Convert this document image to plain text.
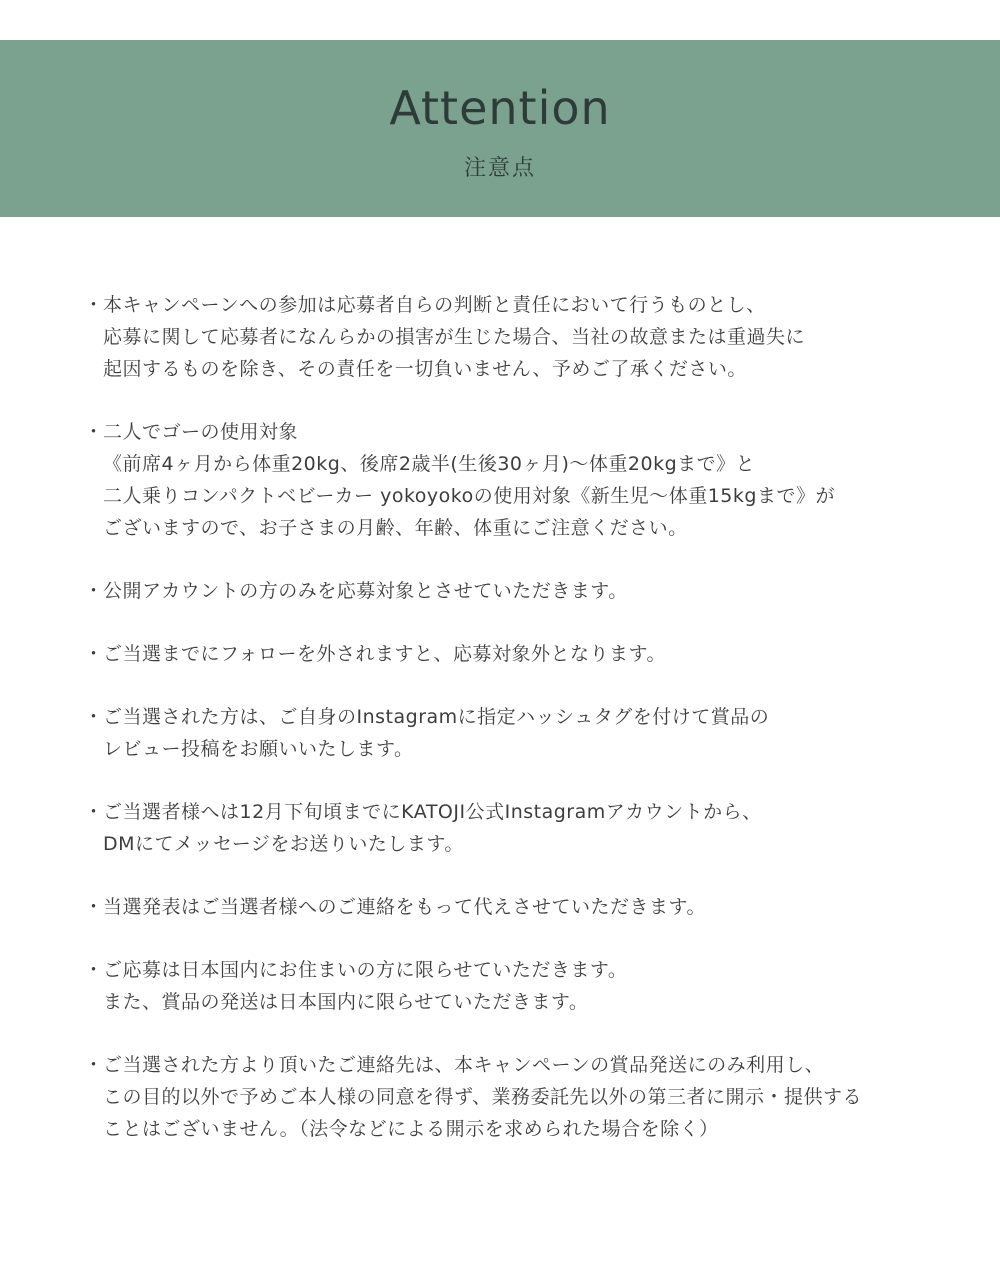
Attention
注意点
・ 本キャンペーンへの参加は応募者自らの判断と責任において行うものとし、
応募に関して応募者になんらかの損害が生じた場合、当社の故意または重過失に
起因するものを除き、その責任を一切負いません、予めご了承ください。
・ 二人でゴーの使用対象
《前席4ヶ月から体重20kg、後席2歳半(生後30ヶ月)〜体重20kgまで》と
二人乗りコンパクトベビーカー yokoyokoの使用対象《新生児〜体重15kgまで》が
ございますので、お子さまの月齢、年齢、体重にご注意ください。
・ 公開アカウントの方のみを応募対象とさせていただきます。
・ ご当選までにフォローを外されますと、応募対象外となります。
・ ご当選された方は、ご自身のInstagramに指定ハッシュタグを付けて賞品の
レビュー投稿をお願いいたします。
・ ご当選者様へは12月下旬頃までにKATOJI公式Instagramアカウントから、
DMにてメッセージをお送りいたします。
・ 当選発表はご当選者様へのご連絡をもって代えさせていただきます。
・ ご応募は日本国内にお住まいの方に限らせていただきます。
また、賞品の発送は日本国内に限らせていただきます。
・ ご当選された方より頂いたご連絡先は、本キャンペーンの賞品発送にのみ利用し、
この目的以外で予めご本人様の同意を得ず、業務委託先以外の第三者に開示・提供する
ことはございません。（法令などによる開示を求められた場合を除く）
